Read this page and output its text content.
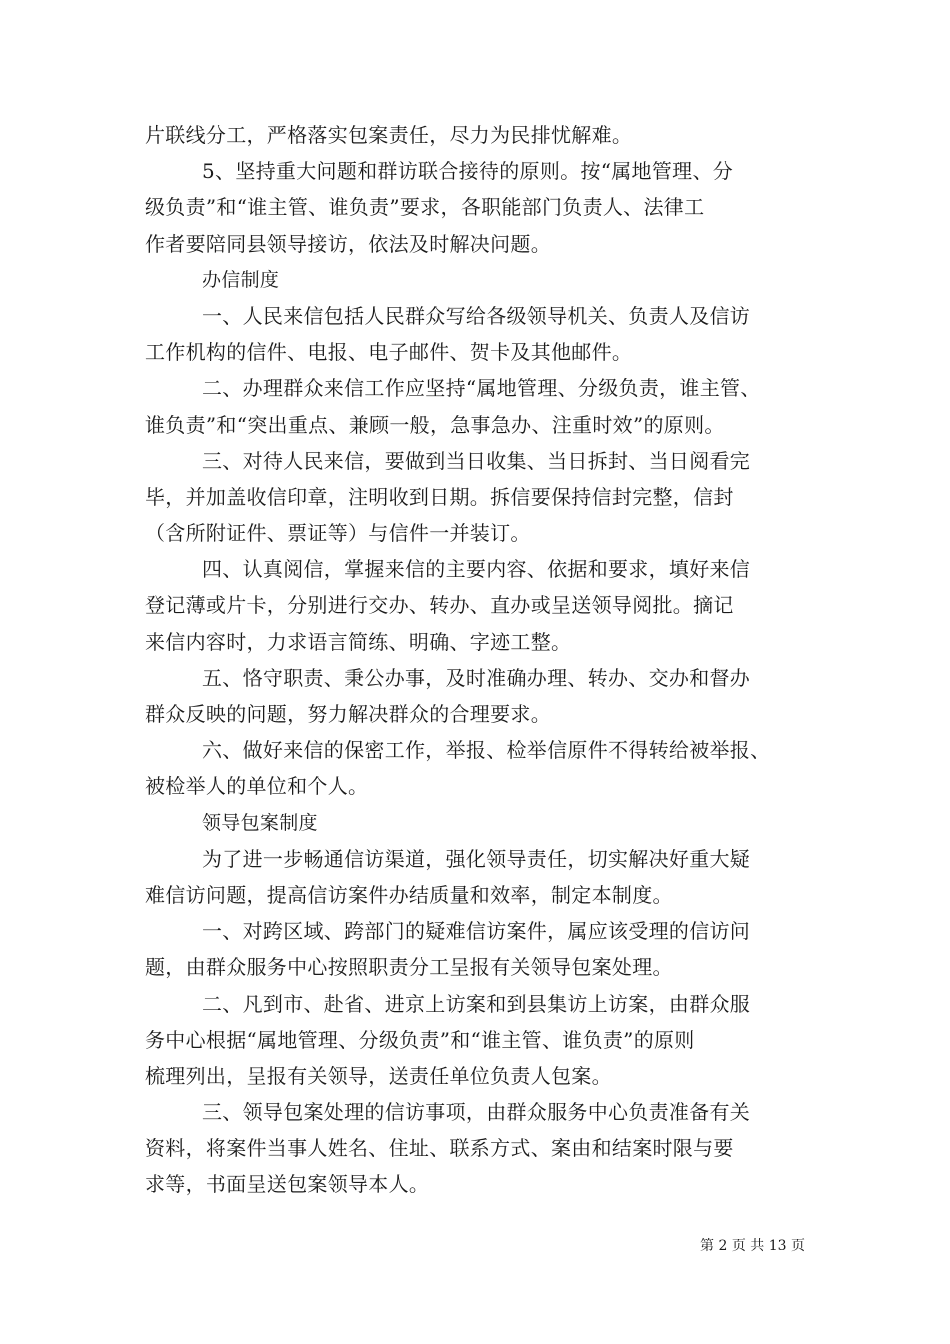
片联线分工，严格落实包案责任，尽力为民排忧解难。
5、坚持重大问题和群访联合接待的原则。按“属地管理、分
级负责”和“谁主管、谁负责”要求，各职能部门负责人、法律工
作者要陪同县领导接访，依法及时解决问题。
办信制度
一、人民来信包括人民群众写给各级领导机关、负责人及信访
工作机构的信件、电报、电子邮件、贺卡及其他邮件。
二、办理群众来信工作应坚持“属地管理、分级负责，谁主管、
谁负责”和“突出重点、兼顾一般，急事急办、注重时效”的原则。
三、对待人民来信，要做到当日收集、当日拆封、当日阅看完
毕，并加盖收信印章，注明收到日期。拆信要保持信封完整，信封
（含所附证件、票证等）与信件一并装订。
四、认真阅信，掌握来信的主要内容、依据和要求，填好来信
登记薄或片卡，分别进行交办、转办、直办或呈送领导阅批。摘记
来信内容时，力求语言简练、明确、字迹工整。
五、恪守职责、秉公办事，及时准确办理、转办、交办和督办
群众反映的问题，努力解决群众的合理要求。
六、做好来信的保密工作，举报、检举信原件不得转给被举报、
被检举人的单位和个人。
领导包案制度
为了进一步畅通信访渠道，强化领导责任，切实解决好重大疑
难信访问题，提高信访案件办结质量和效率，制定本制度。
一、对跨区域、跨部门的疑难信访案件，属应该受理的信访问
题，由群众服务中心按照职责分工呈报有关领导包案处理。
二、凡到市、赴省、进京上访案和到县集访上访案，由群众服
务中心根据“属地管理、分级负责”和“谁主管、谁负责”的原则
梳理列出，呈报有关领导，送责任单位负责人包案。
三、领导包案处理的信访事项，由群众服务中心负责准备有关
资料，将案件当事人姓名、住址、联系方式、案由和结案时限与要
求等，书面呈送包案领导本人。
第 2 页 共 13 页
